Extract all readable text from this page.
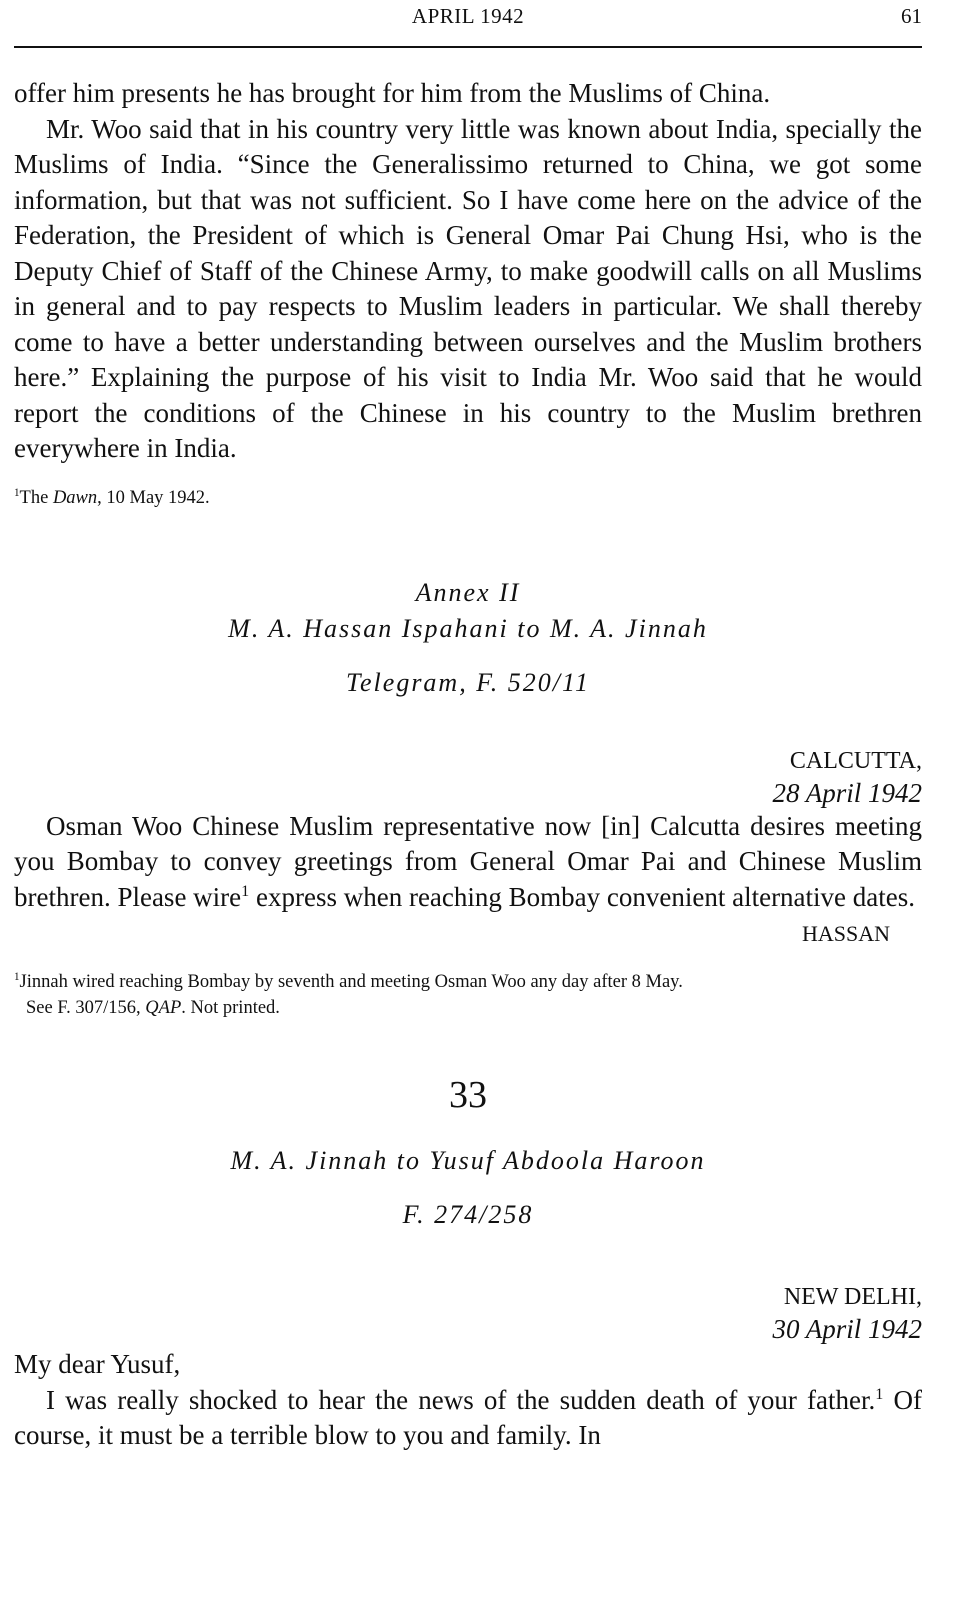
APRIL 1942	61

offer him presents he has brought for him from the Muslims of China.

Mr. Woo said that in his country very little was known about India, specially the Muslims of India. “Since the Generalissimo returned to China, we got some information, but that was not sufficient. So I have come here on the advice of the Federation, the President of which is General Omar Pai Chung Hsi, who is the Deputy Chief of Staff of the Chinese Army, to make goodwill calls on all Muslims in general and to pay respects to Muslim leaders in particular. We shall thereby come to have a better understanding between ourselves and the Muslim brothers here.” Explaining the purpose of his visit to India Mr. Woo said that he would report the conditions of the Chinese in his country to the Muslim brethren everywhere in India.

$^1$The Dawn, 10 May 1942.

Annex II

M. A. Hassan Ispahani to M. A. Jinnah

Telegram, F. 520/11

CALCUTTA,
28 April 1942

Osman Woo Chinese Muslim representative now [in] Calcutta desires meeting you Bombay to convey greetings from General Omar Pai and Chinese Muslim brethren. Please wire$^1$ express when reaching Bombay convenient alternative dates.

HASSAN

$^1$Jinnah wired reaching Bombay by seventh and meeting Osman Woo any day after 8 May.

See F. 307/156, QAP. Not printed.

33

M. A. Jinnah to Yusuf Abdoola Haroon

F. 274/258

NEW DELHI,
30 April 1942

My dear Yusuf,

I was really shocked to hear the news of the sudden death of your father.$^1$ Of course, it must be a terrible blow to you and family. In
